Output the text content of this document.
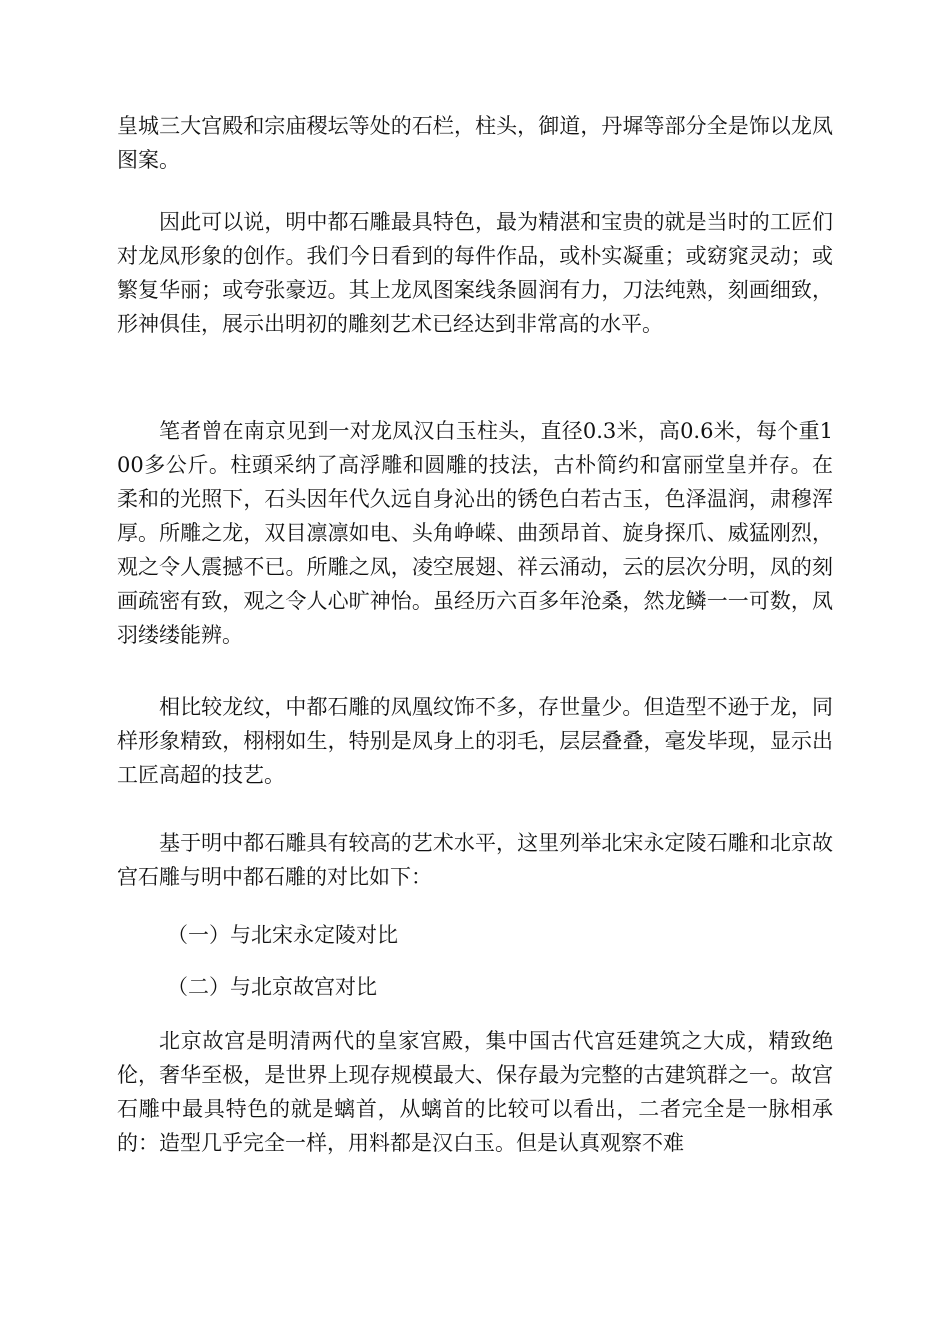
皇城三大宫殿和宗庙稷坛等处的石栏，柱头，御道，丹墀等部分全是饰以龙凤图案。

因此可以说，明中都石雕最具特色，最为精湛和宝贵的就是当时的工匠们对龙凤形象的创作。我们今日看到的每件作品，或朴实凝重；或窈窕灵动；或繁复华丽；或夸张豪迈。其上龙凤图案线条圆润有力，刀法纯熟，刻画细致，形神俱佳，展示出明初的雕刻艺术已经达到非常高的水平。

笔者曾在南京见到一对龙凤汉白玉柱头，直径0.3米，高0.6米，每个重100多公斤。柱頭采纳了高浮雕和圆雕的技法，古朴简约和富丽堂皇并存。在柔和的光照下，石头因年代久远自身沁出的锈色白若古玉，色泽温润，肃穆浑厚。所雕之龙，双目凛凛如电、头角峥嵘、曲颈昂首、旋身探爪、威猛刚烈，观之令人震撼不已。所雕之凤，凌空展翅、祥云涌动，云的层次分明，凤的刻画疏密有致，观之令人心旷神怡。虽经历六百多年沧桑，然龙鳞一一可数，凤羽缕缕能辨。

相比较龙纹，中都石雕的凤凰纹饰不多，存世量少。但造型不逊于龙，同样形象精致，栩栩如生，特别是凤身上的羽毛，层层叠叠，毫发毕现，显示出工匠高超的技艺。

基于明中都石雕具有较高的艺术水平，这里列举北宋永定陵石雕和北京故宫石雕与明中都石雕的对比如下：

（一）与北宋永定陵对比

（二）与北京故宫对比

北京故宫是明清两代的皇家宫殿，集中国古代宫廷建筑之大成，精致绝伦，奢华至极，是世界上现存规模最大、保存最为完整的古建筑群之一。故宫石雕中最具特色的就是螭首，从螭首的比较可以看出，二者完全是一脉相承的：造型几乎完全一样，用料都是汉白玉。但是认真观察不难
